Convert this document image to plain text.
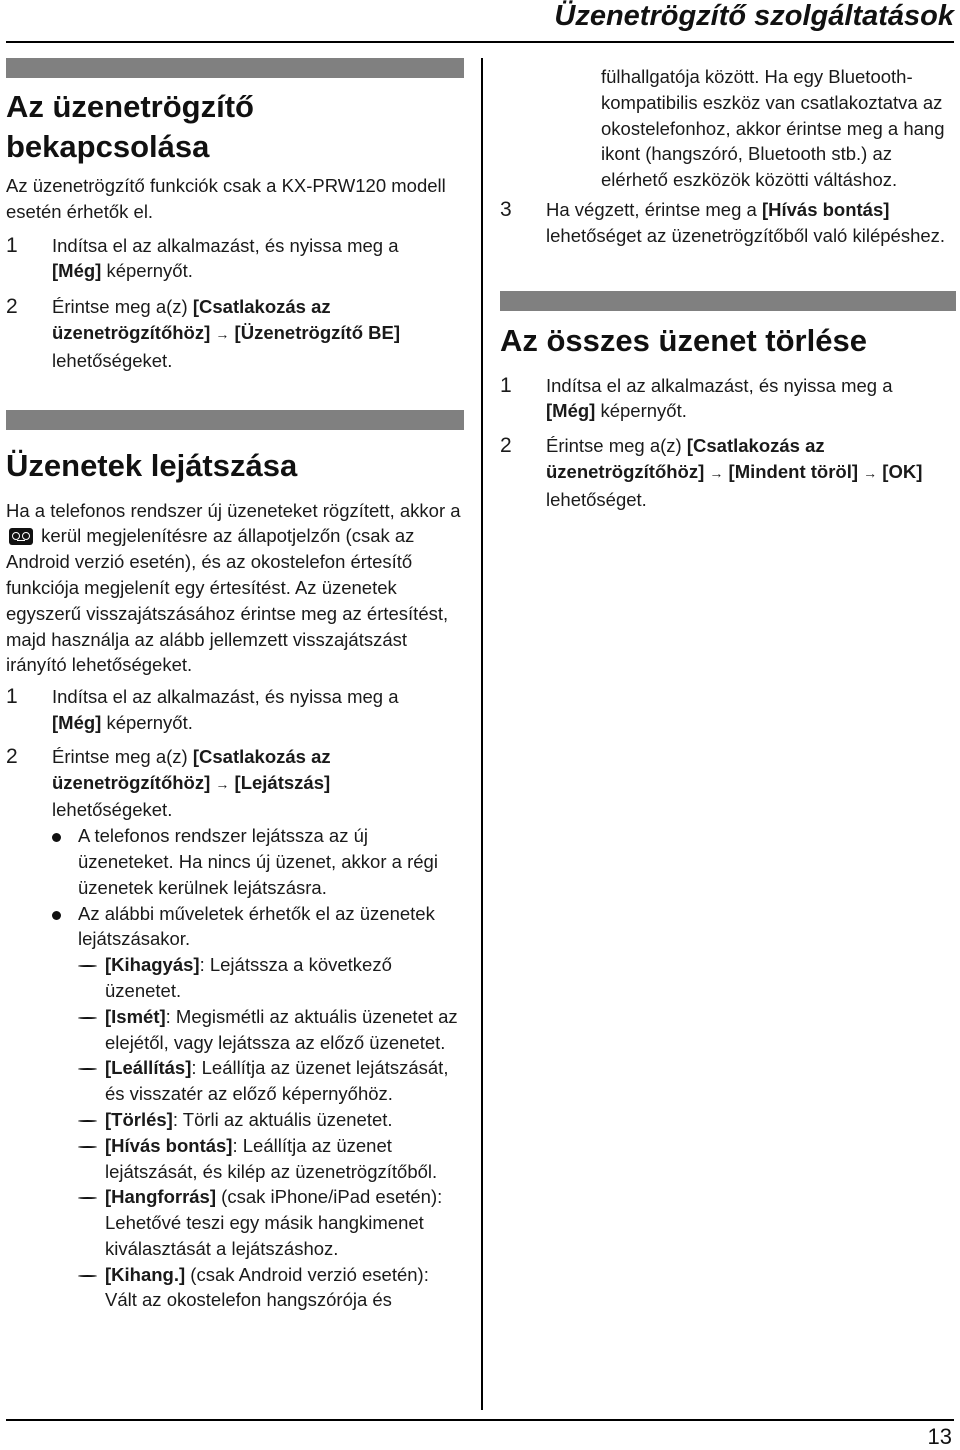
Üzenetrögzítő szolgáltatások
Az üzenetrögzítő
bekapcsolása

Az üzenetrögzítő funkciók csak a KX-PRW120 modell esetén érhetők el.

1	Indítsa el az alkalmazást, és nyissa meg a
[Még] képernyőt.
2	Érintse meg a(z) [Csatlakozás az üzenetrögzítőhöz] → [Üzenetrögzítő BE]
lehetőségeket.
Üzenetek lejátszása

Ha a telefonos rendszer új üzeneteket rögzített, akkor a
kerül megjelenítésre az állapotjelzőn (csak az Android verzió esetén), és az okostelefon értesítő funkciója megjelenít egy értesítést. Az üzenetek egyszerű visszajátszásához érintse meg az értesítést, majd használja az alább jellemzett visszajátszást irányító lehetőségeket.

1	Indítsa el az alkalmazást, és nyissa meg a
[Még] képernyőt.
2	Érintse meg a(z) [Csatlakozás az üzenetrögzítőhöz] → [Lejátszás]
lehetőségeket.
A telefonos rendszer lejátssza az új üzeneteket. Ha nincs új üzenet, akkor a régi üzenetek kerülnek lejátszásra.
Az alábbi műveletek érhetők el az üzenetek lejátszásakor.
[Kihagyás]: Lejátssza a következő üzenetet.
[Ismét]: Megismétli az aktuális üzenetet az elejétől, vagy lejátssza az előző üzenetet.
[Leállítás]: Leállítja az üzenet lejátszását, és visszatér az előző képernyőhöz.
[Törlés]: Törli az aktuális üzenetet.
[Hívás bontás]: Leállítja az üzenet lejátszását, és kilép az üzenetrögzítőből.
[Hangforrás] (csak iPhone/iPad esetén): Lehetővé teszi egy másik hangkimenet kiválasztását a lejátszáshoz.
[Kihang.] (csak Android verzió esetén): Vált az okostelefon hangszórója és
fülhallgatója között. Ha egy Bluetooth-kompatibilis eszköz van csatlakoztatva az okostelefonhoz, akkor érintse meg a hang ikont (hangszóró, Bluetooth stb.) az elérhető eszközök közötti váltáshoz.
3	Ha végzett, érintse meg a [Hívás bontás] lehetőséget az üzenetrögzítőből való kilépéshez.
Az összes üzenet törlése
1	Indítsa el az alkalmazást, és nyissa meg a
[Még] képernyőt.
2	Érintse meg a(z) [Csatlakozás az üzenetrögzítőhöz] → [Mindent töröl] → [OK] lehetőséget.
13
